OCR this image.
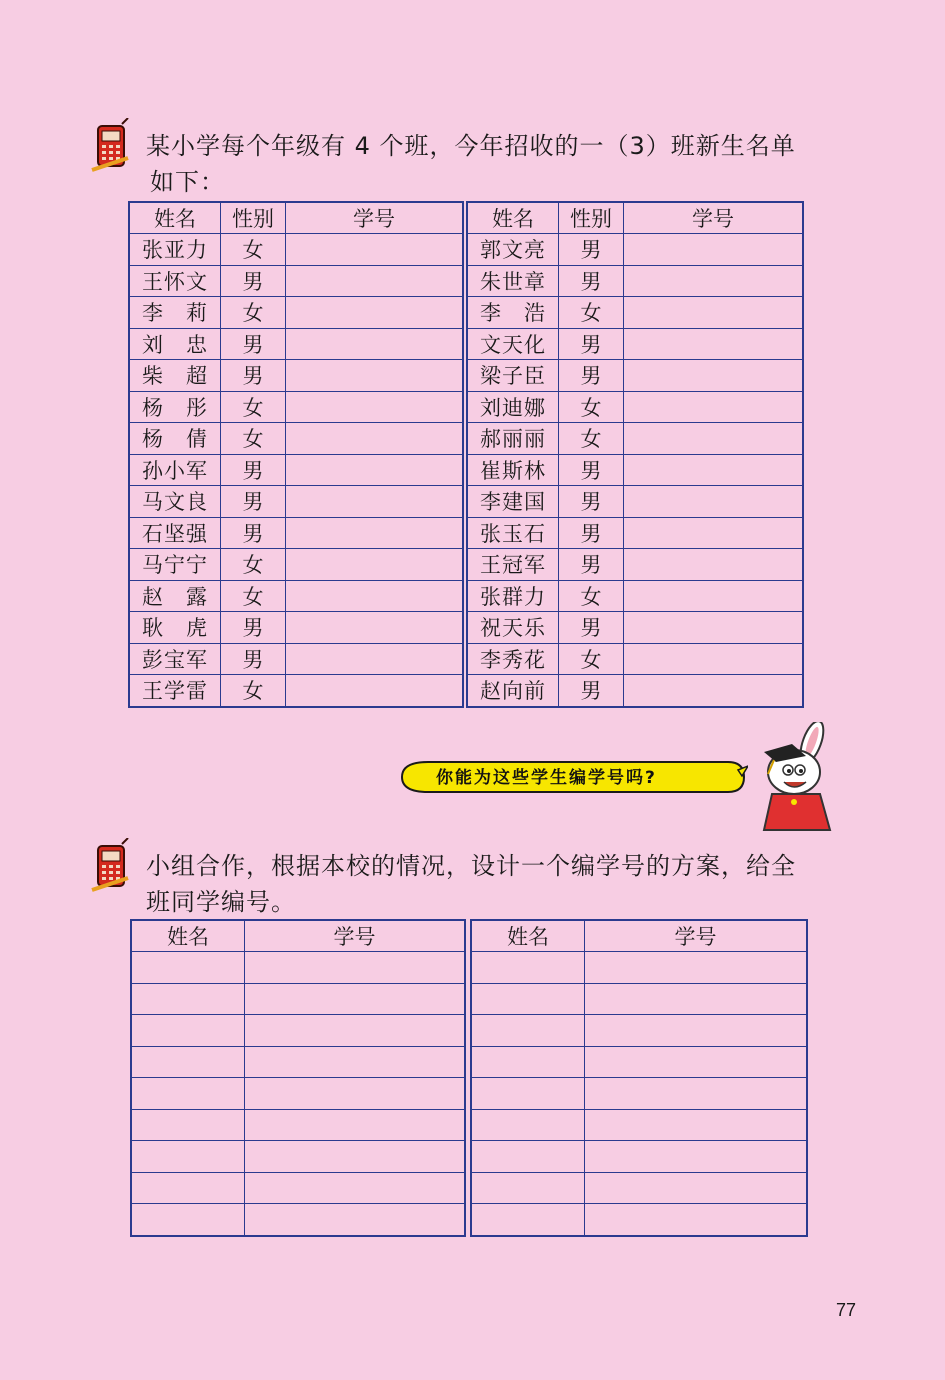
某小学每个年级有 4 个班，今年招收的一（3）班新生名单
如下：
姓名	性别	学号
张亚力	女	
王怀文	男	
李　莉	女	
刘　忠	男	
柴　超	男	
杨　彤	女	
杨　倩	女	
孙小军	男	
马文良	男	
石坚强	男	
马宁宁	女	
赵　露	女	
耿　虎	男	
彭宝军	男	
王学雷	女	
姓名	性别	学号
郭文亮	男	
朱世章	男	
李　浩	女	
文天化	男	
梁子臣	男	
刘迪娜	女	
郝丽丽	女	
崔斯林	男	
李建国	男	
张玉石	男	
王冠军	男	
张群力	女	
祝天乐	男	
李秀花	女	
赵向前	男	
你能为这些学生编学号吗?
小组合作，根据本校的情况，设计一个编学号的方案，给全
班同学编号。
姓名	学号

		姓名	学号

77
